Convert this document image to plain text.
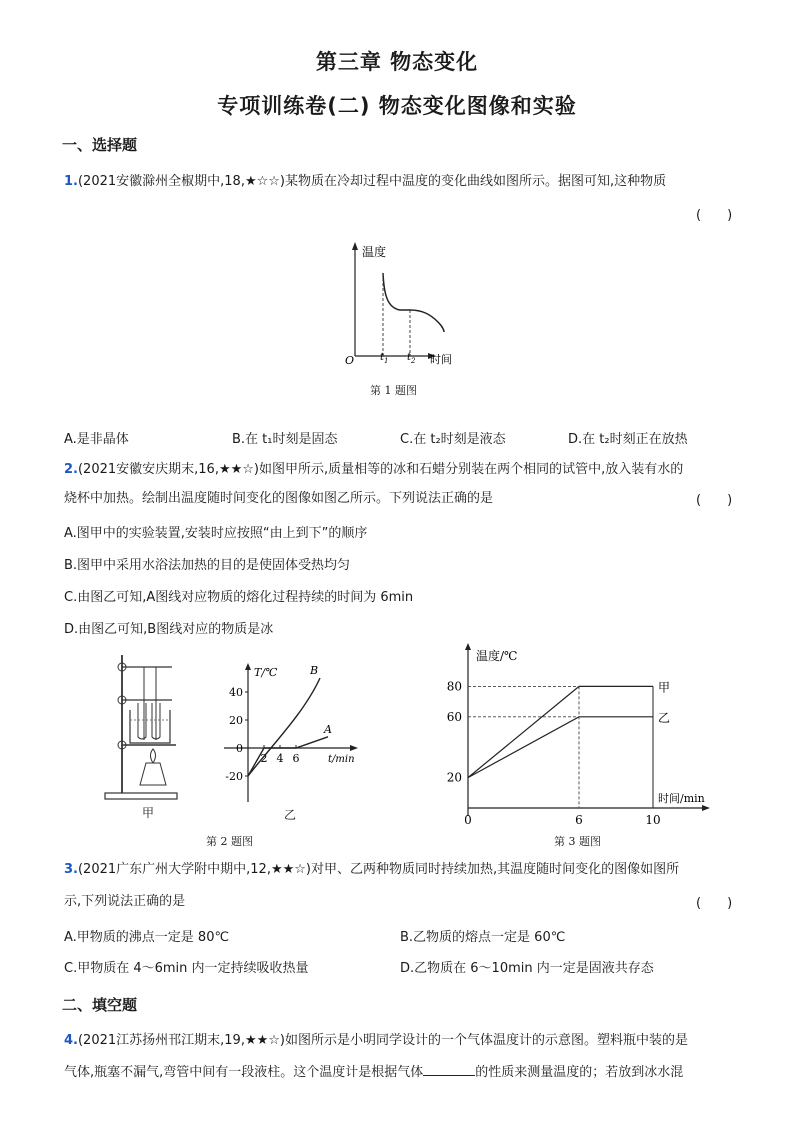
第三章 物态变化
专项训练卷(二) 物态变化图像和实验
一、选择题
1.(2021安徽滁州全椒期中,18,★☆☆)某物质在冷却过程中温度的变化曲线如图所示。据图可知,这种物质
(　　)
温度
时间
O	$t_1$ $t_2$
第 1 题图
A.是非晶体	B.在 t₁时刻是固态	C.在 t₂时刻是液态	D.在 t₂时刻正在放热
2.(2021安徽安庆期末,16,★★☆)如图甲所示,质量相等的冰和石蜡分别装在两个相同的试管中,放入装有水的
烧杯中加热。绘制出温度随时间变化的图像如图乙所示。下列说法正确的是	(　　)
A.图甲中的实验装置,安装时应按照“由上到下”的顺序
B.图甲中采用水浴法加热的目的是使固体受热均匀
C.由图乙可知,A图线对应物质的熔化过程持续的时间为 6min
D.由图乙可知,B图线对应的物质是冰
甲
T/℃
t/min
-20
0
20
40
2 4 6
A
B
乙
第 2 题图
温度/℃
时间/min
20
60
80
0	6	10
甲
乙
第 3 题图
3.(2021广东广州大学附中期中,12,★★☆)对甲、乙两种物质同时持续加热,其温度随时间变化的图像如图所
示,下列说法正确的是	(　　)
A.甲物质的沸点一定是 80℃	B.乙物质的熔点一定是 60℃
C.甲物质在 4～6min 内一定持续吸收热量	D.乙物质在 6～10min 内一定是固液共存态
二、填空题
4.(2021江苏扬州邗江期末,19,★★☆)如图所示是小明同学设计的一个气体温度计的示意图。塑料瓶中装的是
气体,瓶塞不漏气,弯管中间有一段液柱。这个温度计是根据气体	的性质来测量温度的；若放到冰水混
